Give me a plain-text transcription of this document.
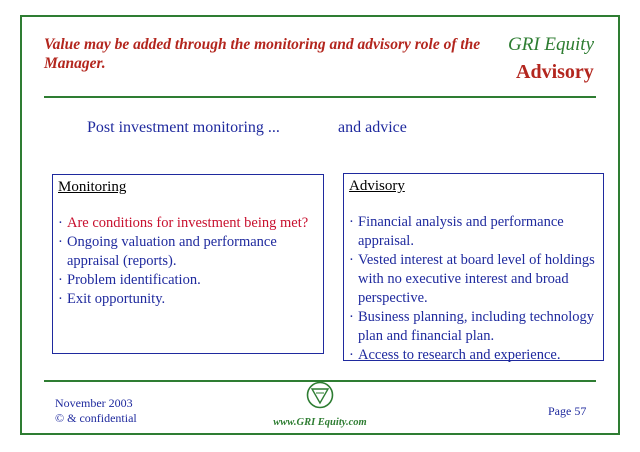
Value may be added through the monitoring and advisory role of the Manager.
GRI Equity
Advisory
Post investment monitoring ...	and advice
Monitoring
· Are conditions for investment being met?
· Ongoing valuation and performance appraisal (reports).
· Problem identification.
· Exit opportunity.
Advisory
· Financial analysis and performance appraisal.
· Vested interest at board level of holdings with no executive interest and broad perspective.
· Business planning, including technology plan and financial plan.
· Access to research and experience.
November 2003
© & confidential	www.GRI Equity.com
Page 57
